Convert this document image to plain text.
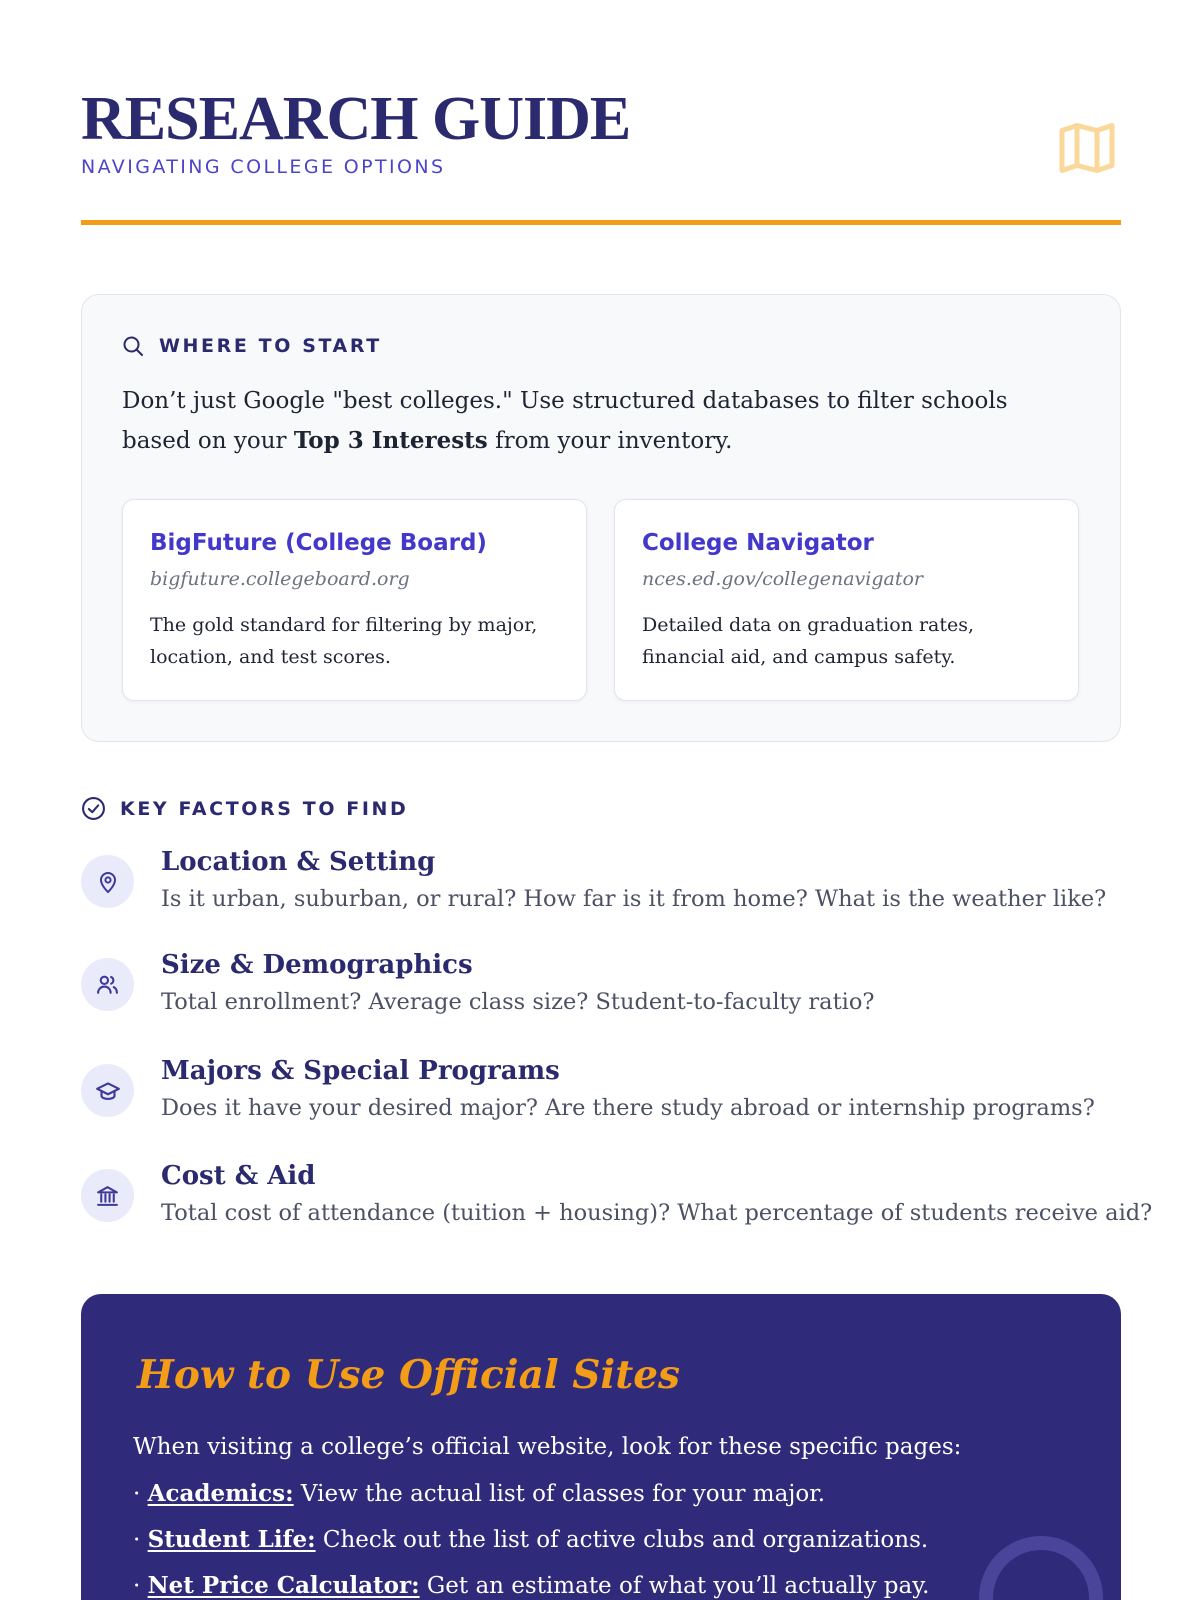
RESEARCH GUIDE
NAVIGATING COLLEGE OPTIONS
WHERE TO START

Don’t just Google "best colleges." Use structured databases to filter schools based on your Top 3 Interests from your inventory.

BigFuture (College Board)
bigfuture.collegeboard.org
The gold standard for filtering by major, location, and test scores.
College Navigator
nces.ed.gov/collegenavigator
Detailed data on graduation rates, financial aid, and campus safety.
KEY FACTORS TO FIND
Location & Setting
Is it urban, suburban, or rural? How far is it from home? What is the weather like?
Size & Demographics
Total enrollment? Average class size? Student-to-faculty ratio?
Majors & Special Programs
Does it have your desired major? Are there study abroad or internship programs?
Cost & Aid
Total cost of attendance (tuition + housing)? What percentage of students receive aid?
How to Use Official Sites

When visiting a college’s official website, look for these specific pages:

· Academics: View the actual list of classes for your major.

· Student Life: Check out the list of active clubs and organizations.

· Net Price Calculator: Get an estimate of what you’ll actually pay.
